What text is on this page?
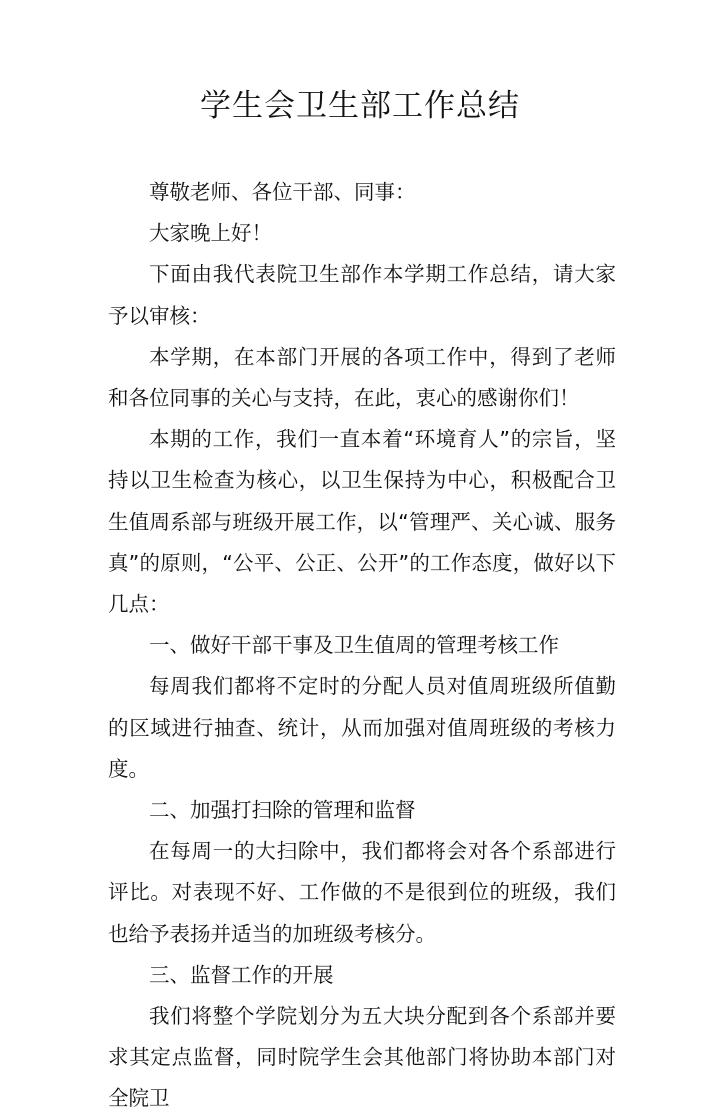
学生会卫生部工作总结

尊敬老师、各位干部、同事：

大家晚上好！

下面由我代表院卫生部作本学期工作总结，请大家予以审核：

本学期，在本部门开展的各项工作中，得到了老师和各位同事的关心与支持，在此，衷心的感谢你们！

本期的工作，我们一直本着“环境育人”的宗旨，坚持以卫生检查为核心，以卫生保持为中心，积极配合卫生值周系部与班级开展工作，以“管理严、关心诚、服务真”的原则，“公平、公正、公开”的工作态度，做好以下几点：

一、做好干部干事及卫生值周的管理考核工作

每周我们都将不定时的分配人员对值周班级所值勤的区域进行抽查、统计，从而加强对值周班级的考核力度。

二、加强打扫除的管理和监督

在每周一的大扫除中，我们都将会对各个系部进行评比。对表现不好、工作做的不是很到位的班级，我们也给予表扬并适当的加班级考核分。

三、监督工作的开展

我们将整个学院划分为五大块分配到各个系部并要求其定点监督，同时院学生会其他部门将协助本部门对全院卫
